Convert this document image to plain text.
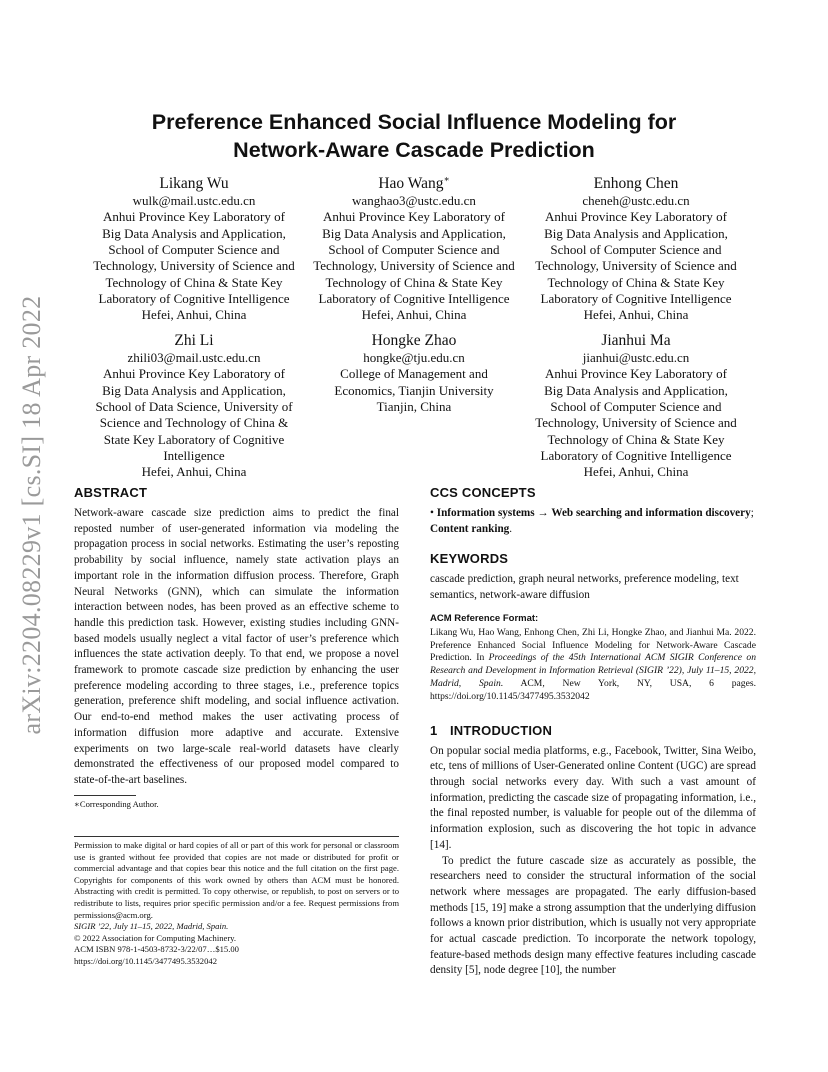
arXiv:2204.08229v1 [cs.SI] 18 Apr 2022
Preference Enhanced Social Influence Modeling for
Network-Aware Cascade Prediction
Likang Wu
wulk@mail.ustc.edu.cn
Anhui Province Key Laboratory of
Big Data Analysis and Application,
School of Computer Science and
Technology, University of Science and
Technology of China & State Key
Laboratory of Cognitive Intelligence
Hefei, Anhui, China
Hao Wang∗
wanghao3@ustc.edu.cn
Anhui Province Key Laboratory of
Big Data Analysis and Application,
School of Computer Science and
Technology, University of Science and
Technology of China & State Key
Laboratory of Cognitive Intelligence
Hefei, Anhui, China
Enhong Chen
cheneh@ustc.edu.cn
Anhui Province Key Laboratory of
Big Data Analysis and Application,
School of Computer Science and
Technology, University of Science and
Technology of China & State Key
Laboratory of Cognitive Intelligence
Hefei, Anhui, China
Zhi Li
zhili03@mail.ustc.edu.cn
Anhui Province Key Laboratory of
Big Data Analysis and Application,
School of Data Science, University of
Science and Technology of China &
State Key Laboratory of Cognitive
Intelligence
Hefei, Anhui, China
Hongke Zhao
hongke@tju.edu.cn
College of Management and
Economics, Tianjin University
Tianjin, China
Jianhui Ma
jianhui@ustc.edu.cn
Anhui Province Key Laboratory of
Big Data Analysis and Application,
School of Computer Science and
Technology, University of Science and
Technology of China & State Key
Laboratory of Cognitive Intelligence
Hefei, Anhui, China
ABSTRACT

Network-aware cascade size prediction aims to predict the final reposted number of user-generated information via modeling the propagation process in social networks. Estimating the user’s reposting probability by social influence, namely state activation plays an important role in the information diffusion process. Therefore, Graph Neural Networks (GNN), which can simulate the information interaction between nodes, has been proved as an effective scheme to handle this prediction task. However, existing studies including GNN-based models usually neglect a vital factor of user’s preference which influences the state activation deeply. To that end, we propose a novel framework to promote cascade size prediction by enhancing the user preference modeling according to three stages, i.e., preference topics generation, preference shift modeling, and social influence activation. Our end-to-end method makes the user activating process of information diffusion more adaptive and accurate. Extensive experiments on two large-scale real-world datasets have clearly demonstrated the effectiveness of our proposed model compared to state-of-the-art baselines.

∗Corresponding Author.

Permission to make digital or hard copies of all or part of this work for personal or classroom use is granted without fee provided that copies are not made or distributed for profit or commercial advantage and that copies bear this notice and the full citation on the first page. Copyrights for components of this work owned by others than ACM must be honored. Abstracting with credit is permitted. To copy otherwise, or republish, to post on servers or to redistribute to lists, requires prior specific permission and/or a fee. Request permissions from permissions@acm.org.

SIGIR ’22, July 11–15, 2022, Madrid, Spain.

© 2022 Association for Computing Machinery.

ACM ISBN 978-1-4503-8732-3/22/07…$15.00

https://doi.org/10.1145/3477495.3532042

CCS CONCEPTS

• Information systems → Web searching and information discovery; Content ranking.

KEYWORDS

cascade prediction, graph neural networks, preference modeling, text semantics, network-aware diffusion

ACM Reference Format:

Likang Wu, Hao Wang, Enhong Chen, Zhi Li, Hongke Zhao, and Jianhui Ma. 2022. Preference Enhanced Social Influence Modeling for Network-Aware Cascade Prediction. In Proceedings of the 45th International ACM SIGIR Conference on Research and Development in Information Retrieval (SIGIR ’22), July 11–15, 2022, Madrid, Spain. ACM, New York, NY, USA, 6 pages. https://doi.org/10.1145/3477495.3532042

1 INTRODUCTION

On popular social media platforms, e.g., Facebook, Twitter, Sina Weibo, etc, tens of millions of User-Generated online Content (UGC) are spread through social networks every day. With such a vast amount of information, predicting the cascade size of propagating information, i.e., the final reposted number, is valuable for people out of the dilemma of information explosion, such as discovering the hot topic in advance [14].

To predict the future cascade size as accurately as possible, the researchers need to consider the structural information of the social network where messages are propagated. The early diffusion-based methods [15, 19] make a strong assumption that the underlying diffusion follows a known prior distribution, which is usually not very appropriate for actual cascade prediction. To incorporate the network topology, feature-based methods design many effective features including cascade density [5], node degree [10], the number
